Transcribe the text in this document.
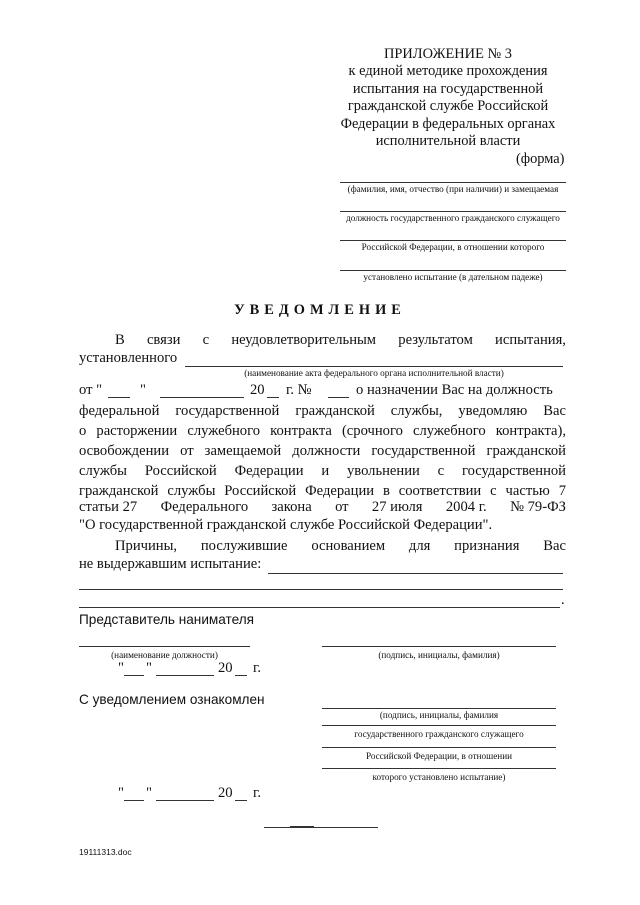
ПРИЛОЖЕНИЕ № 3
к единой методике прохождения
испытания на государственной
гражданской службе Российской
Федерации в федеральных органах
исполнительной власти
(форма)
(фамилия, имя, отчество (при наличии) и замещаемая
должность государственного гражданского служащего
Российской Федерации, в отношении которого
установлено испытание (в дательном падеже)
УВЕДОМЛЕНИЕ
В связи с неудовлетворительным результатом испытания,
установленного
(наименование акта федерального органа исполнительной власти)
от "	"	20 г. №	о назначении Вас на должность
федеральной государственной гражданской службы, уведомляю Вас
о расторжении служебного контракта (срочного служебного контракта),
освобождении от замещаемой должности государственной гражданской
службы Российской Федерации и увольнении с государственной
гражданской службы Российской Федерации в соответствии с частью 7
статьи 27 Федерального закона от 27 июля 2004 г. № 79-ФЗ
"О государственной гражданской службе Российской Федерации".
Причины, послужившие основанием для признания Вас
не выдержавшим испытание:
.
Представитель нанимателя
(наименование должности)	(подпись, инициалы, фамилия)
" "	20 г.
С уведомлением ознакомлен
(подпись, инициалы, фамилия
государственного гражданского служащего
Российской Федерации, в отношении
которого установлено испытание)
" "	20 г.
19111313.doc
